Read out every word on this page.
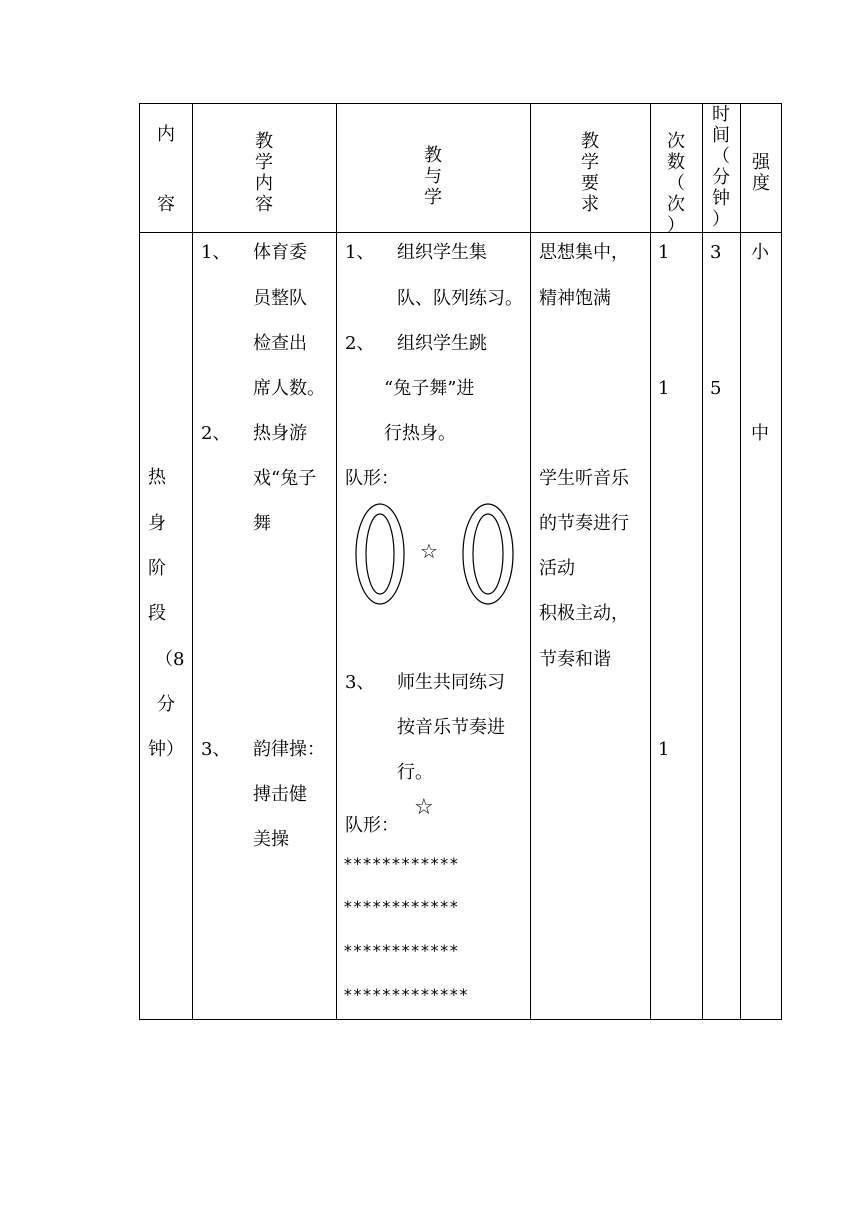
内
容
教
学
内
容
教
与
学
教
学
要
求
次
数
（
次
）
时
间
（
分
钟
）
强
度
热
身
阶
段
（8
分
钟）
1、 体育委
员整队
检查出
席人数。
2、 热身游
戏“兔子
舞
3、 韵律操：
搏击健
美操
1、 组织学生集
队、队列练习。
2、 组织学生跳
“兔子舞”进
行热身。
队形：
☆
3、 师生共同练习
按音乐节奏进
行。
☆
队形：
************
************
************
*************
思想集中，
精神饱满
学生听音乐
的节奏进行
活动
积极主动，
节奏和谐
1
1
1
3
5
小
中
